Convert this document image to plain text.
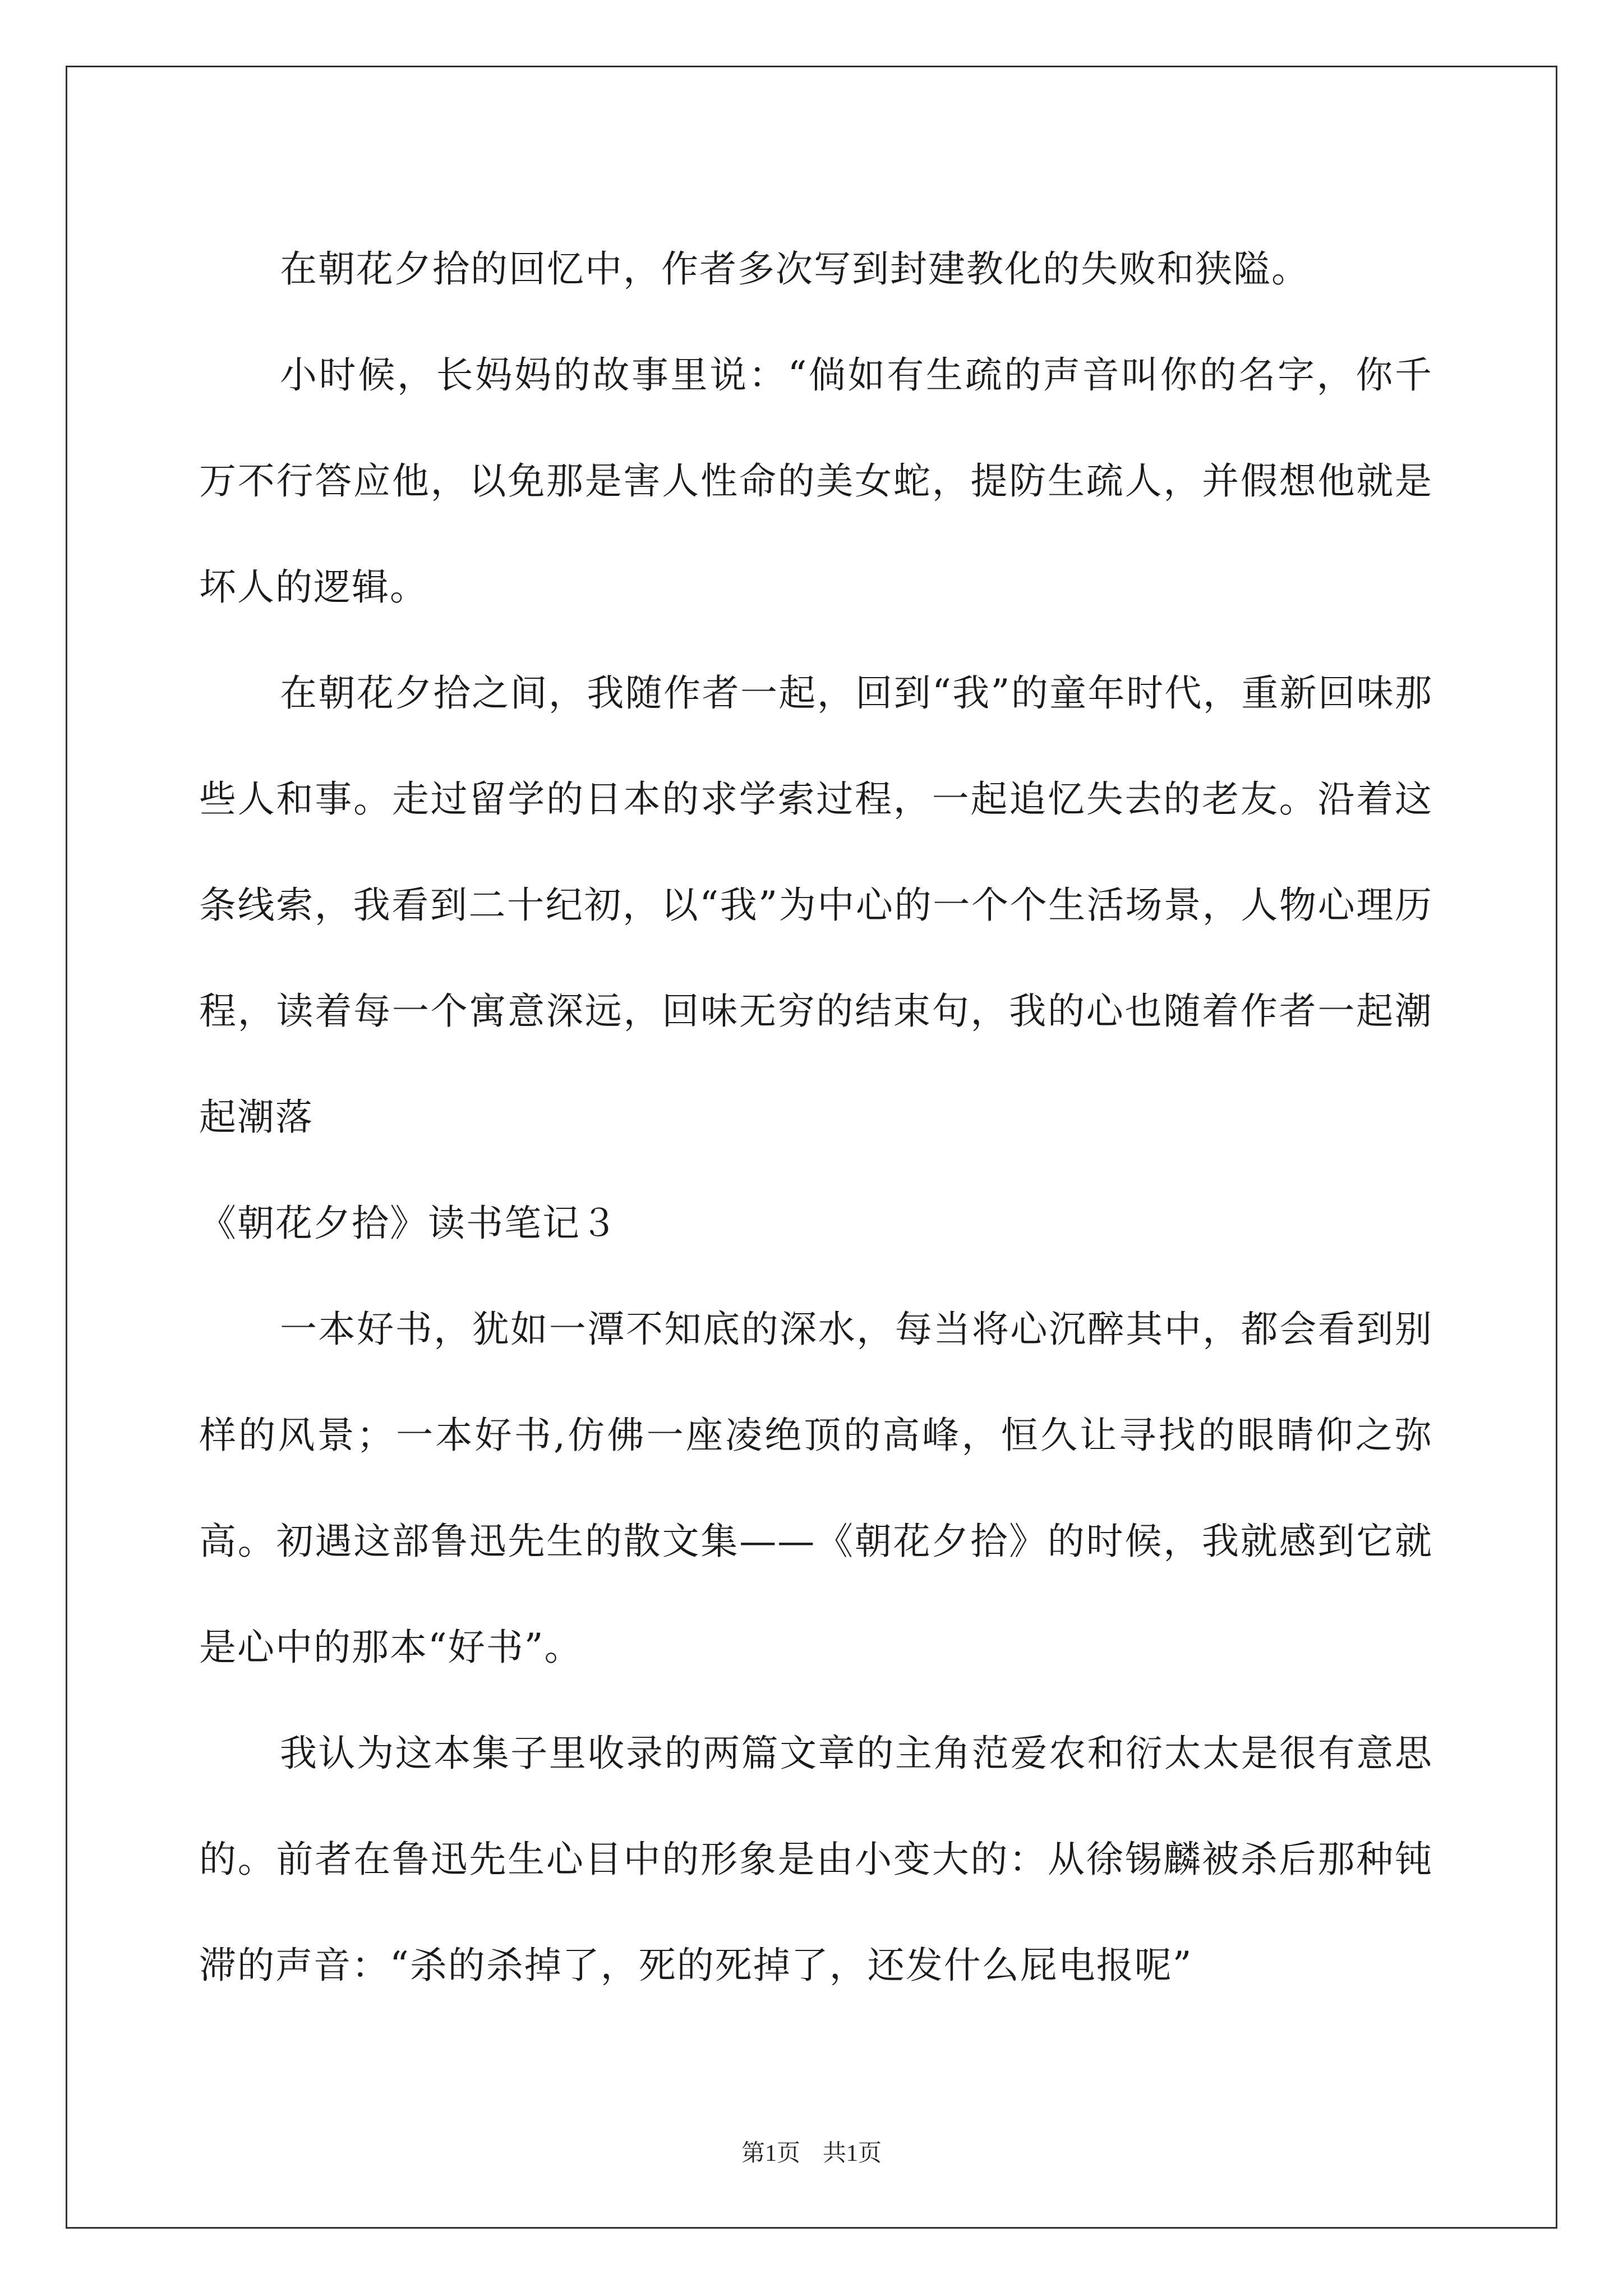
在朝花夕拾的回忆中，作者多次写到封建教化的失败和狭隘。

小时候，长妈妈的故事里说：“倘如有生疏的声音叫你的名字，你千万不行答应他，以免那是害人性命的美女蛇，提防生疏人，并假想他就是坏人的逻辑。

在朝花夕拾之间，我随作者一起，回到“我”的童年时代，重新回味那些人和事。走过留学的日本的求学索过程，一起追忆失去的老友。沿着这条线索，我看到二十纪初，以“我”为中心的一个个生活场景，人物心理历程，读着每一个寓意深远，回味无穷的结束句，我的心也随着作者一起潮起潮落

《朝花夕拾》读书笔记３

一本好书，犹如一潭不知底的深水，每当将心沉醉其中，都会看到别样的风景；一本好书,仿佛一座凌绝顶的高峰，恒久让寻找的眼睛仰之弥高。初遇这部鲁迅先生的散文集——《朝花夕拾》的时候，我就感到它就是心中的那本“好书”。

我认为这本集子里收录的两篇文章的主角范爱农和衍太太是很有意思的。前者在鲁迅先生心目中的形象是由小变大的：从徐锡麟被杀后那种钝滞的声音：“杀的杀掉了，死的死掉了，还发什么屁电报呢”

第1页 共1页
